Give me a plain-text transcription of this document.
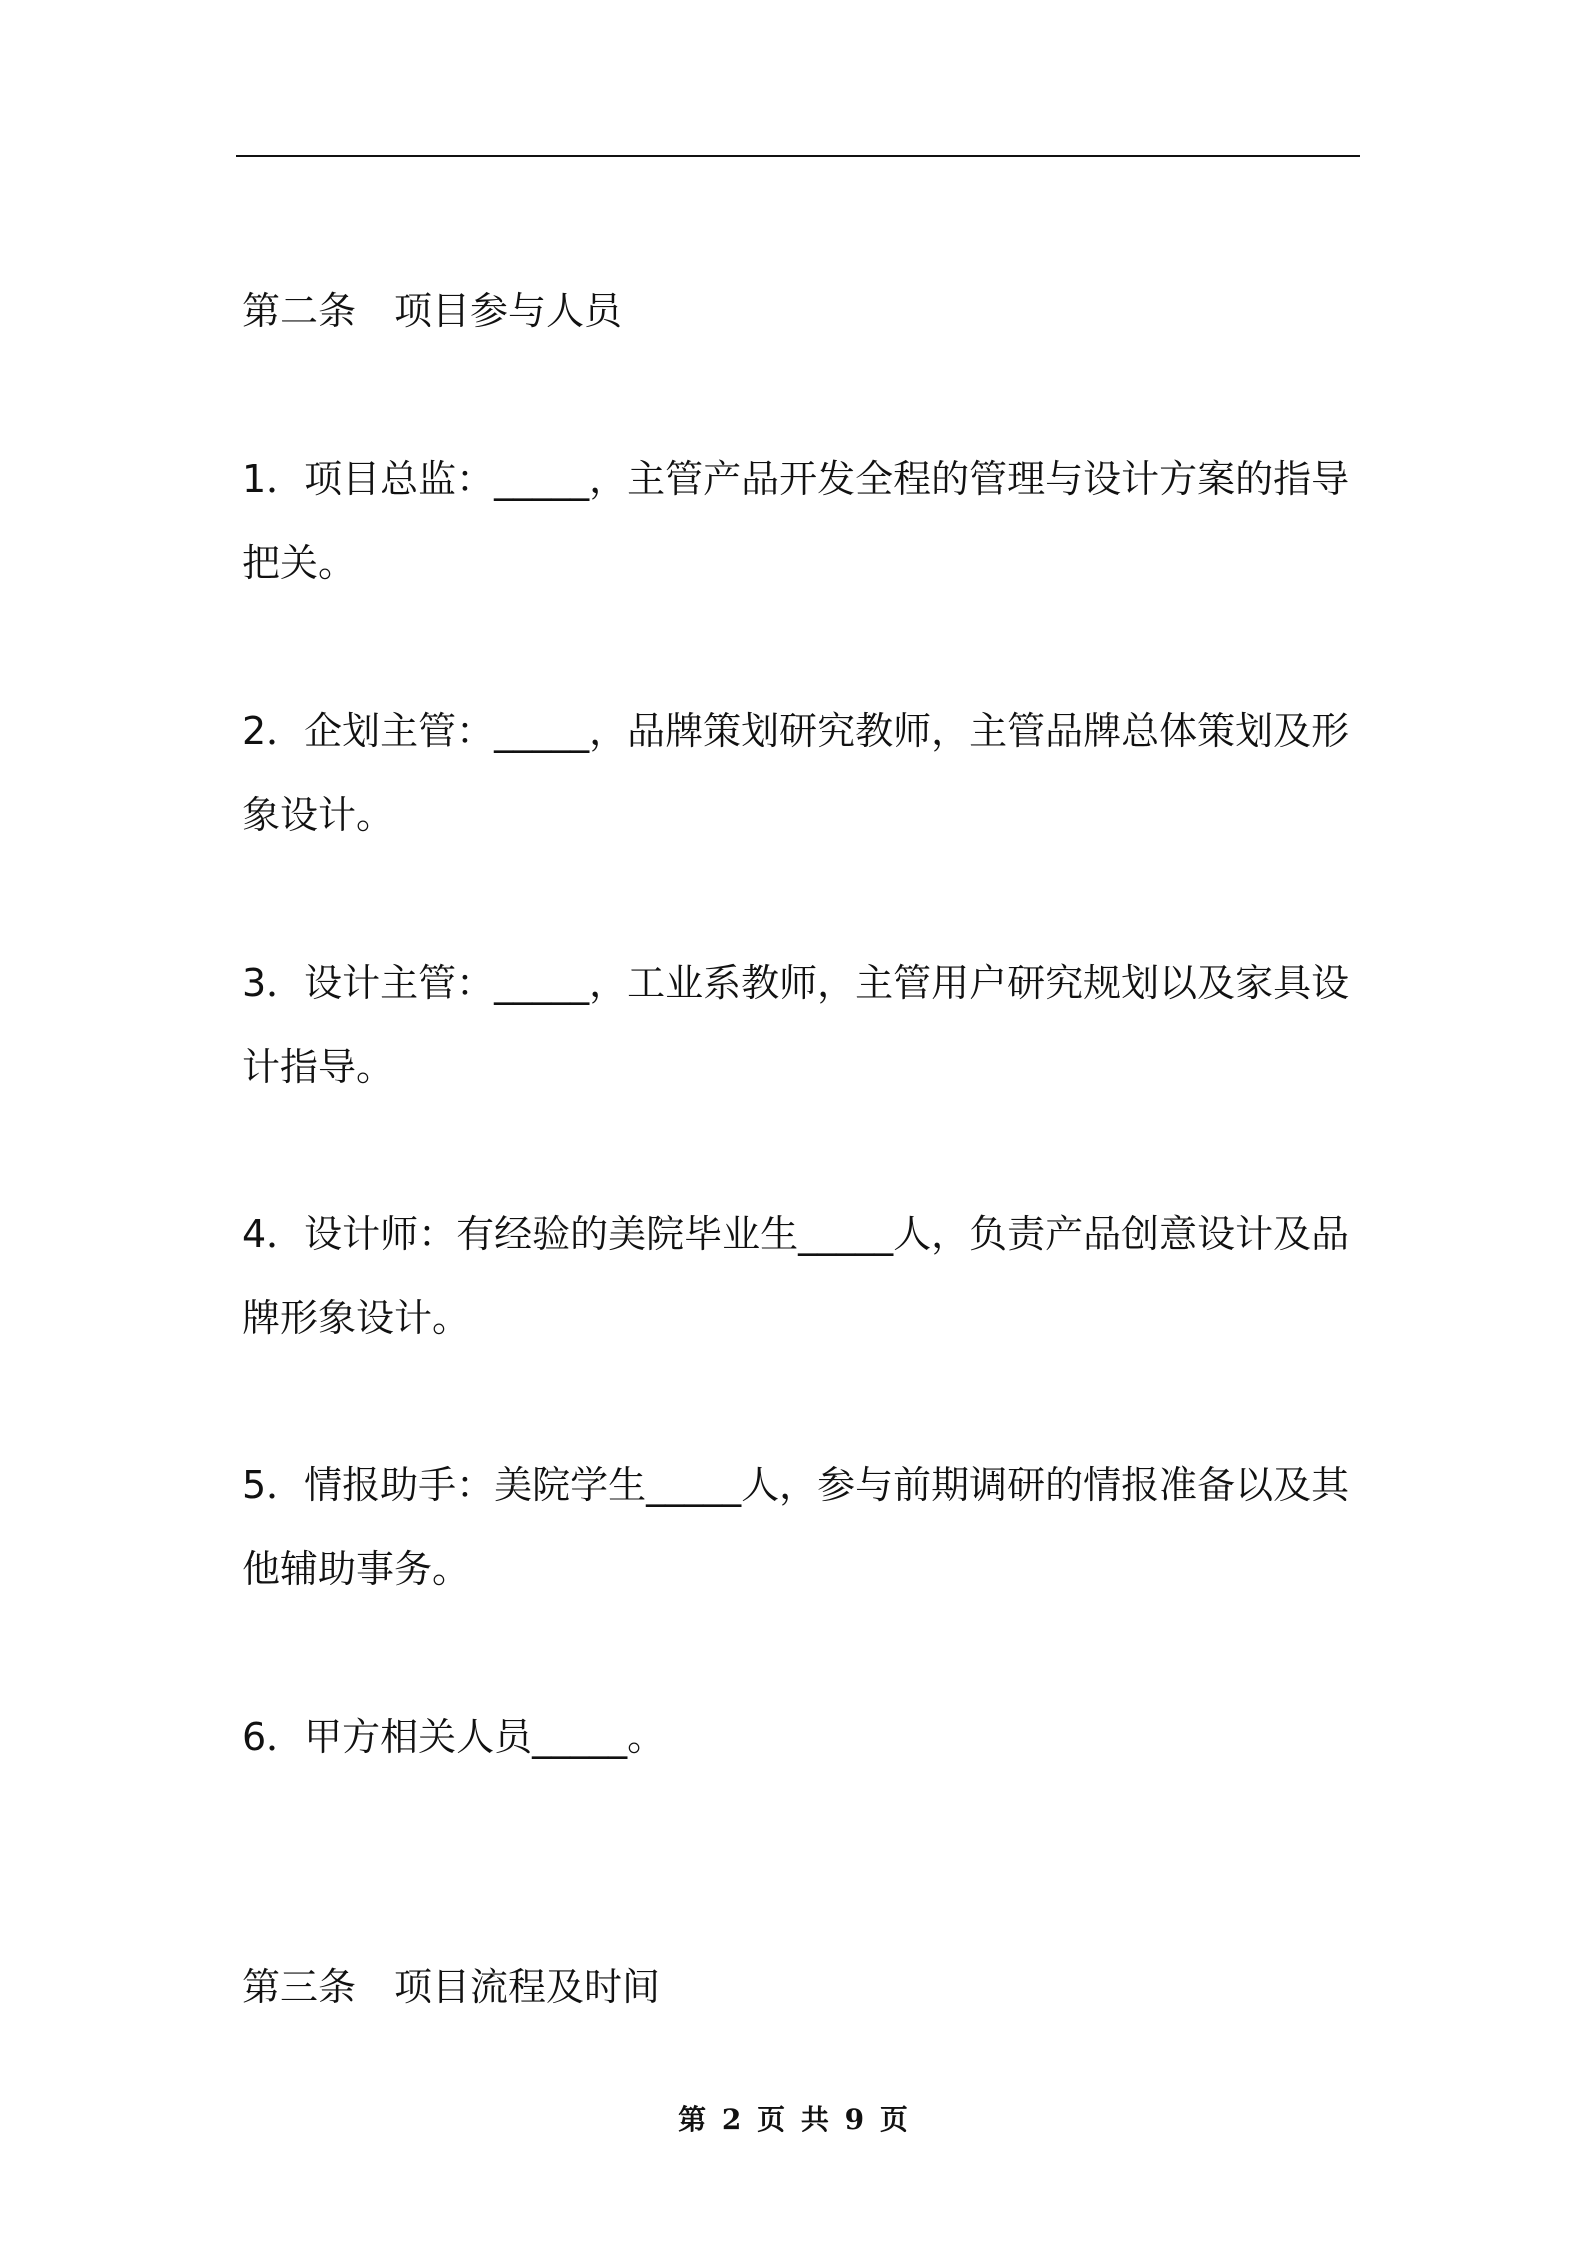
第二条 项目参与人员
1．项目总监：_____，主管产品开发全程的管理与设计方案的指导
把关。
2．企划主管：_____，品牌策划研究教师，主管品牌总体策划及形
象设计。
3．设计主管：_____，工业系教师，主管用户研究规划以及家具设
计指导。
4．设计师：有经验的美院毕业生_____人，负责产品创意设计及品
牌形象设计。
5．情报助手：美院学生_____人，参与前期调研的情报准备以及其
他辅助事务。
6．甲方相关人员_____。
第三条 项目流程及时间
第 2 页 共 9 页
